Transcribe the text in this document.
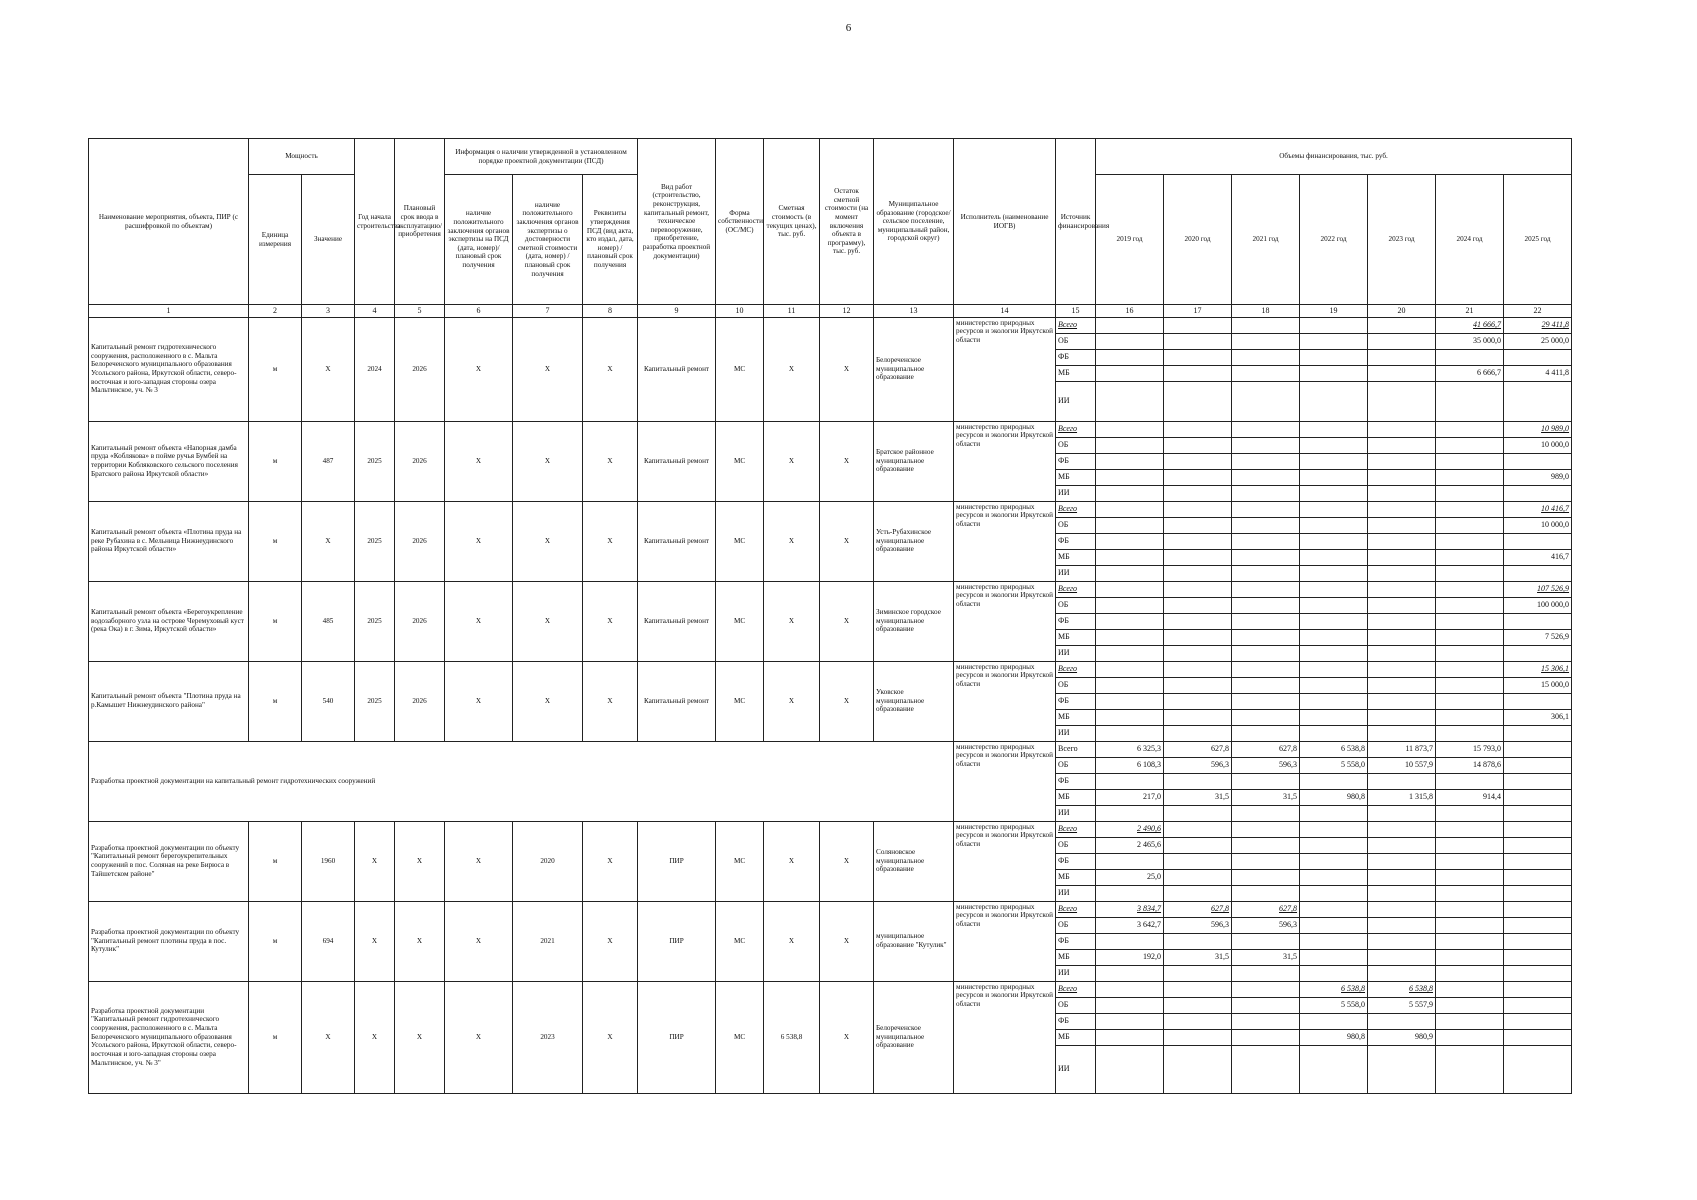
6
Наименование мероприятия, объекта, ПИР (с расшифровкой по объектам)	Мощность		Год начала строительства	Плановый срок ввода в эксплуатацию/приобретения	Информация о наличии утвержденной в установленном порядке проектной документации (ПСД)			Вид работ (строительство, реконструкция, капитальный ремонт, техническое перевооружение, приобретение, разработка проектной документации)	Форма собственности (ОС/МС)	Сметная стоимость (в текущих ценах), тыс. руб.	Остаток сметной стоимости (на момент включения объекта в программу), тыс. руб.	Муниципальное образование (городское/сельское поселение, муниципальный район, городской округ)	Исполнитель (наименование ИОГВ)	Источник финансирования	Объемы финансирования, тыс. руб.						
	Единица измерения	Значение			наличие положительного заключения органов экспертизы на ПСД (дата, номер)/плановый срок получения	наличие положительного заключения органов экспертизы о достоверности сметной стоимости (дата, номер) / плановый срок получения	Реквизиты утверждения ПСД (вид акта, кто издал, дата, номер) / плановый срок получения								2019 год	2020 год	2021 год	2022 год	2023 год	2024 год	2025 год
1	2	3	4	5	6	7	8	9	10	11	12	13	14	15	16	17	18	19	20	21	22
Капитальный ремонт гидротехнического сооружения, расположенного в с. Мальта Белореченского муниципального образования Усольского района, Иркутской области, северо-восточная и юго-западная стороны озера Мальтинское, уч. № 3	м	Х	2024	2026	Х	Х	Х	Капитальный ремонт	МС	Х	Х	Белореченское муниципальное образование	министерство природных ресурсов и экологии Иркутской области	Всего						41 666,7	29 411,8
														ОБ						35 000,0	25 000,0
														ФБ							
														МБ						6 666,7	4 411,8
														ИИ							
Капитальный ремонт объекта «Напорная дамба пруда «Коблякова» в пойме ручья Бумбей на территории Кобляковского сельского поселения Братского района Иркутской области»	м	487	2025	2026	Х	Х	Х	Капитальный ремонт	МС	Х	Х	Братское районное муниципальное образование	министерство природных ресурсов и экологии Иркутской области	Всего							10 989,0
														ОБ							10 000,0
														ФБ							
														МБ							989,0
														ИИ							
Капитальный ремонт объекта «Плотина пруда на реке Рубахина в с. Мельница Нижнеудинского района Иркутской области»	м	Х	2025	2026	Х	Х	Х	Капитальный ремонт	МС	Х	Х	Усть-Рубахинское муниципальное образование	министерство природных ресурсов и экологии Иркутской области	Всего							10 416,7
														ОБ							10 000,0
														ФБ							
														МБ							416,7
														ИИ							
Капитальный ремонт объекта «Берегоукрепление водозаборного узла на острове Черемуховый куст (река Ока) в г. Зима, Иркутской области»	м	485	2025	2026	Х	Х	Х	Капитальный ремонт	МС	Х	Х	Зиминское городское муниципальное образование	министерство природных ресурсов и экологии Иркутской области	Всего							107 526,9
														ОБ							100 000,0
														ФБ							
														МБ							7 526,9
														ИИ							
Капитальный ремонт объекта "Плотина пруда на р.Камышет Нижнеудинского района"	м	540	2025	2026	Х	Х	Х	Капитальный ремонт	МС	Х	Х	Уковское муниципальное образование	министерство природных ресурсов и экологии Иркутской области	Всего							15 306,1
														ОБ							15 000,0
														ФБ							
														МБ							306,1
														ИИ							
Разработка проектной документации на капитальный ремонт гидротехнических сооружений													министерство природных ресурсов и экологии Иркутской области	Всего	6 325,3	627,8	627,8	6 538,8	11 873,7	15 793,0	
														ОБ	6 108,3	596,3	596,3	5 558,0	10 557,9	14 878,6	
														ФБ							
														МБ	217,0	31,5	31,5	980,8	1 315,8	914,4	
														ИИ							
Разработка проектной документации по объекту "Капитальный ремонт берегоукрепительных сооружений в пос. Соляная на реке Бирюса в Тайшетском районе"	м	1960	Х	Х	Х	2020	Х	ПИР	МС	Х	Х	Соляновское муниципальное образование	министерство природных ресурсов и экологии Иркутской области	Всего	2 490,6						
														ОБ	2 465,6						
														ФБ							
														МБ	25,0						
														ИИ							
Разработка проектной документации по объекту "Капитальный ремонт плотины пруда в пос. Кутулик"	м	694	Х	Х	Х	2021	Х	ПИР	МС	Х	Х	муниципальное образование "Кутулик"	министерство природных ресурсов и экологии Иркутской области	Всего	3 834,7	627,8	627,8				
														ОБ	3 642,7	596,3	596,3				
														ФБ							
														МБ	192,0	31,5	31,5				
														ИИ							
Разработка проектной документации "Капитальный ремонт гидротехнического сооружения, расположенного в с. Мальта Белореченского муниципального образования Усольского района, Иркутской области, северо-восточная и юго-западная стороны озера Мальтинское, уч. № 3"	м	Х	Х	Х	Х	2023	Х	ПИР	МС	6 538,8	Х	Белореченское муниципальное образование	министерство природных ресурсов и экологии Иркутской области	Всего				6 538,8	6 538,8		
														ОБ				5 558,0	5 557,9		
														ФБ							
														МБ				980,8	980,9		
														ИИ							
